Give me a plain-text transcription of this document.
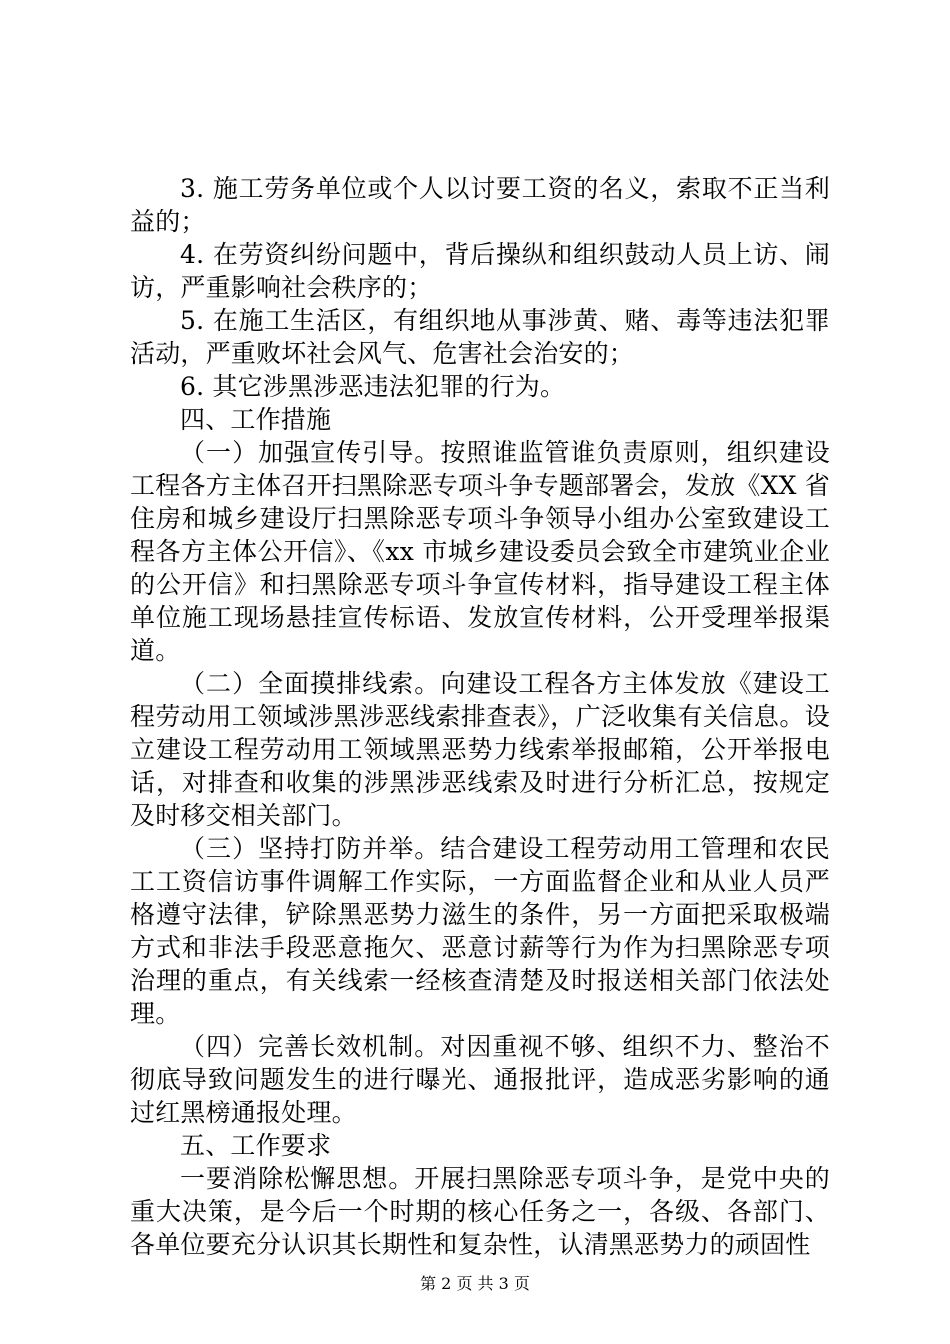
3. 施工劳务单位或个人以讨要工资的名义，索取不正当利益的；

4. 在劳资纠纷问题中，背后操纵和组织鼓动人员上访、闹访，严重影响社会秩序的；

5. 在施工生活区，有组织地从事涉黄、赌、毒等违法犯罪活动，严重败坏社会风气、危害社会治安的；

6. 其它涉黑涉恶违法犯罪的行为。

四、工作措施

（一）加强宣传引导。按照谁监管谁负责原则，组织建设工程各方主体召开扫黑除恶专项斗争专题部署会，发放《XX 省住房和城乡建设厅扫黑除恶专项斗争领导小组办公室致建设工程各方主体公开信》、《xx 市城乡建设委员会致全市建筑业企业的公开信》和扫黑除恶专项斗争宣传材料，指导建设工程主体单位施工现场悬挂宣传标语、发放宣传材料，公开受理举报渠道。

（二）全面摸排线索。向建设工程各方主体发放《建设工程劳动用工领域涉黑涉恶线索排查表》，广泛收集有关信息。设立建设工程劳动用工领域黑恶势力线索举报邮箱，公开举报电话，对排查和收集的涉黑涉恶线索及时进行分析汇总，按规定及时移交相关部门。

（三）坚持打防并举。结合建设工程劳动用工管理和农民工工资信访事件调解工作实际，一方面监督企业和从业人员严格遵守法律，铲除黑恶势力滋生的条件，另一方面把采取极端方式和非法手段恶意拖欠、恶意讨薪等行为作为扫黑除恶专项治理的重点，有关线索一经核查清楚及时报送相关部门依法处理。

（四）完善长效机制。对因重视不够、组织不力、整治不彻底导致问题发生的进行曝光、通报批评，造成恶劣影响的通过红黑榜通报处理。

五、工作要求

一要消除松懈思想。开展扫黑除恶专项斗争，是党中央的重大决策，是今后一个时期的核心任务之一，各级、各部门、各单位要充分认识其长期性和复杂性，认清黑恶势力的顽固性

第 2 页 共 3 页
